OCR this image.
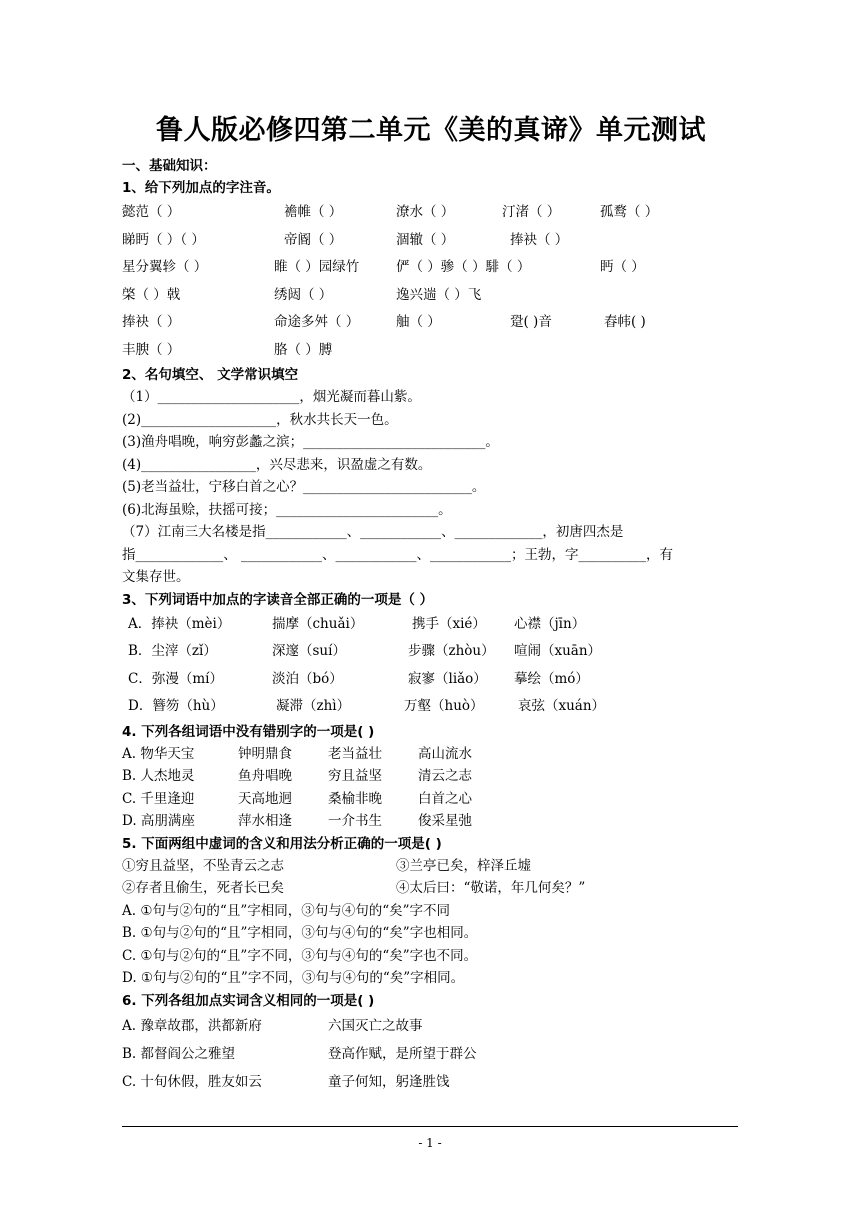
鲁人版必修四第二单元《美的真谛》单元测试
一、基础知识：
1、给下列加点的字注音。
懿范（ ）	襜帷（ ）	潦水（ ）	汀渚（ ）	孤鹜（ ）
睇眄（ ）（ ）	帝阍（ ）	涸辙（ ）	捧袂（ ）
星分翼轸（ ）	睢（ ）园绿竹	俨（ ）骖（ ）騑（ ）	眄（ ）
棨（ ）戟	绣闼（ ）	逸兴遄（ ）飞
捧袂（ ）	命途多舛（ ）	舳（ ）	跫( )音	舂帏( )
丰腴（ ）	胳（ ）膊
2、名句填空、 文学常识填空
（1）_____________________，烟光凝而暮山紫。
(2)____________________，秋水共长天一色。
(3)渔舟唱晚，响穷彭蠡之滨；___________________________。
(4)_________________，兴尽悲来，识盈虚之有数。
(5)老当益壮，宁移白首之心？_________________________。
(6)北海虽赊，扶摇可接；________________________。
（7）江南三大名楼是指____________、____________、_____________，初唐四杰是
指_____________、 ____________、____________、____________；王勃，字__________，有
文集存世。
3、下列词语中加点的字读音全部正确的一项是（ ）
A．捧袂（mèi）	揣摩（chuǎi）	携手（xié） 心襟（jīn）
B．尘滓（zǐ）	深邃（suí）	步骤（zhòu） 喧闹（xuān）
C．弥漫（mí）	淡泊（bó）	寂寥（liǎo） 摹绘（mó）
D．簪笏（hù）	凝滞（zhì）	万壑（huò）	哀弦（xuán）
4. 下列各组词语中没有错别字的一项是( )
A. 物华天宝	钟明鼎食	老当益壮	高山流水
B. 人杰地灵	鱼舟唱晚	穷且益坚	清云之志
C. 千里逢迎	天高地迥	桑榆非晚	白首之心
D. 高朋满座	萍水相逢	一介书生	俊采星弛
5. 下面两组中虚词的含义和用法分析正确的一项是( )
①穷且益坚，不坠青云之志	③兰亭已矣，梓泽丘墟
②存者且偷生，死者长已矣	④太后曰：“敬诺，年几何矣？”
A. ①句与②句的“且”字相同，③句与④句的“矣”字不同
B. ①句与②句的“且”字相同，③句与④句的“矣”字也相同。
C. ①句与②句的“且”字不同，③句与④句的“矣”字也不同。
D. ①句与②句的“且”字不同，③句与④句的“矣”字相同。
6. 下列各组加点实词含义相同的一项是( )
A. 豫章故郡，洪都新府	六国灭亡之故事
B. 都督阎公之雅望	登高作赋，是所望于群公
C. 十旬休假，胜友如云	童子何知，躬逢胜饯
- 1 -
